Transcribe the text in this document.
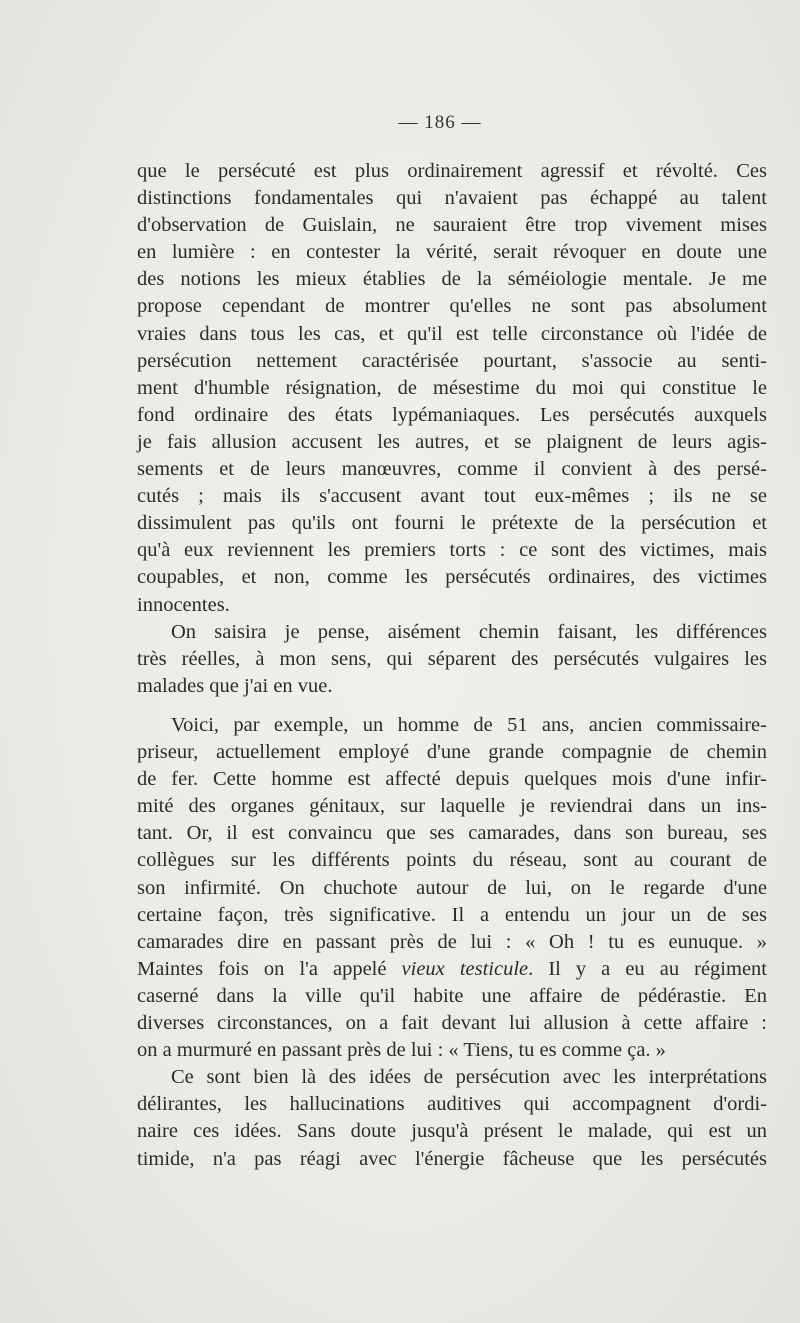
— 186 —
que le persécuté est plus ordinairement agressif et révolté. Ces
distinctions fondamentales qui n'avaient pas échappé au talent
d'observation de Guislain, ne sauraient être trop vivement mises
en lumière : en contester la vérité, serait révoquer en doute une
des notions les mieux établies de la séméiologie mentale. Je me
propose cependant de montrer qu'elles ne sont pas absolument
vraies dans tous les cas, et qu'il est telle circonstance où l'idée de
persécution nettement caractérisée pourtant, s'associe au senti-
ment d'humble résignation, de mésestime du moi qui constitue le
fond ordinaire des états lypémaniaques. Les persécutés auxquels
je fais allusion accusent les autres, et se plaignent de leurs agis-
sements et de leurs manœuvres, comme il convient à des persé-
cutés ; mais ils s'accusent avant tout eux-mêmes ; ils ne se
dissimulent pas qu'ils ont fourni le prétexte de la persécution et
qu'à eux reviennent les premiers torts : ce sont des victimes, mais
coupables, et non, comme les persécutés ordinaires, des victimes
innocentes.
On saisira je pense, aisément chemin faisant, les différences
très réelles, à mon sens, qui séparent des persécutés vulgaires les
malades que j'ai en vue.
Voici, par exemple, un homme de 51 ans, ancien commissaire-
priseur, actuellement employé d'une grande compagnie de chemin
de fer. Cette homme est affecté depuis quelques mois d'une infir-
mité des organes génitaux, sur laquelle je reviendrai dans un ins-
tant. Or, il est convaincu que ses camarades, dans son bureau, ses
collègues sur les différents points du réseau, sont au courant de
son infirmité. On chuchote autour de lui, on le regarde d'une
certaine façon, très significative. Il a entendu un jour un de ses
camarades dire en passant près de lui : « Oh ! tu es eunuque. »
Maintes fois on l'a appelé vieux testicule. Il y a eu au régiment
caserné dans la ville qu'il habite une affaire de pédérastie. En
diverses circonstances, on a fait devant lui allusion à cette affaire :
on a murmuré en passant près de lui : « Tiens, tu es comme ça. »
Ce sont bien là des idées de persécution avec les interprétations
délirantes, les hallucinations auditives qui accompagnent d'ordi-
naire ces idées. Sans doute jusqu'à présent le malade, qui est un
timide, n'a pas réagi avec l'énergie fâcheuse que les persécutés
